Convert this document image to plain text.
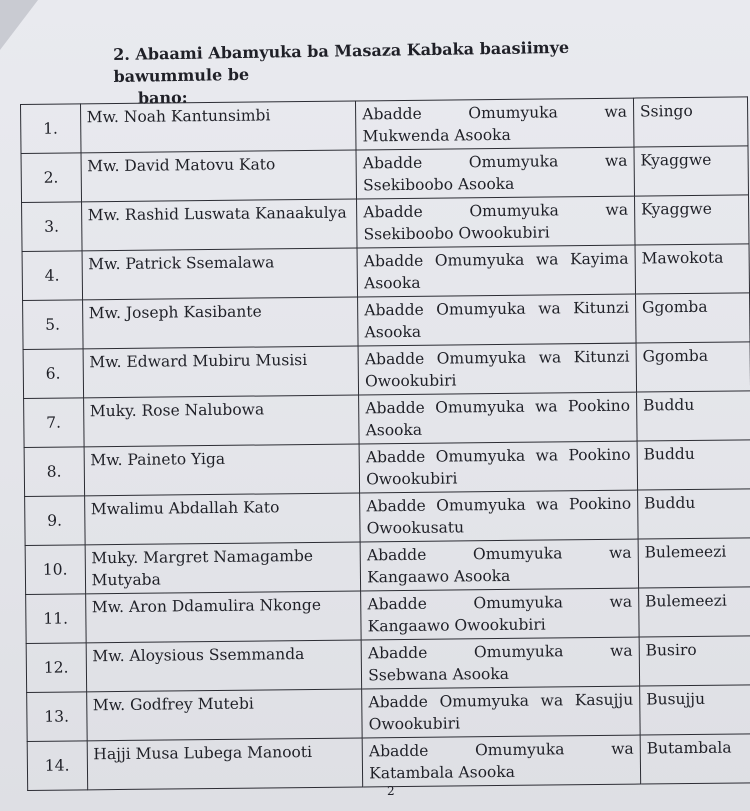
2. Abaami Abamyuka ba Masaza Kabaka baasiimye bawummule be
bano:
1.	Mw. Noah Kantunsimbi	Abadde Omumyuka wa Mukwenda Asooka	Ssingo
2.	Mw. David Matovu Kato	Abadde Omumyuka wa Ssekiboobo Asooka	Kyaggwe
3.	Mw. Rashid Luswata Kanaakulya	Abadde Omumyuka wa Ssekiboobo Owookubiri	Kyaggwe
4.	Mw. Patrick Ssemalawa	Abadde Omumyuka wa Kayima Asooka	Mawokota
5.	Mw. Joseph Kasibante	Abadde Omumyuka wa Kitunzi Asooka	Ggomba
6.	Mw. Edward Mubiru Musisi	Abadde Omumyuka wa Kitunzi Owookubiri	Ggomba
7.	Muky. Rose Nalubowa	Abadde Omumyuka wa Pookino Asooka	Buddu
8.	Mw. Paineto Yiga	Abadde Omumyuka wa Pookino Owookubiri	Buddu
9.	Mwalimu Abdallah Kato	Abadde Omumyuka wa Pookino Owookusatu	Buddu
10.	Muky. Margret Namagambe Mutyaba	Abadde Omumyuka wa Kangaawo Asooka	Bulemeezi
11.	Mw. Aron Ddamulira Nkonge	Abadde Omumyuka wa Kangaawo Owookubiri	Bulemeezi
12.	Mw. Aloysious Ssemmanda	Abadde Omumyuka wa Ssebwana Asooka	Busiro
13.	Mw. Godfrey Mutebi	Abadde Omumyuka wa Kasujju Owookubiri	Busujju
14.	Hajji Musa Lubega Manooti	Abadde Omumyuka wa Katambala Asooka	Butambala
2
